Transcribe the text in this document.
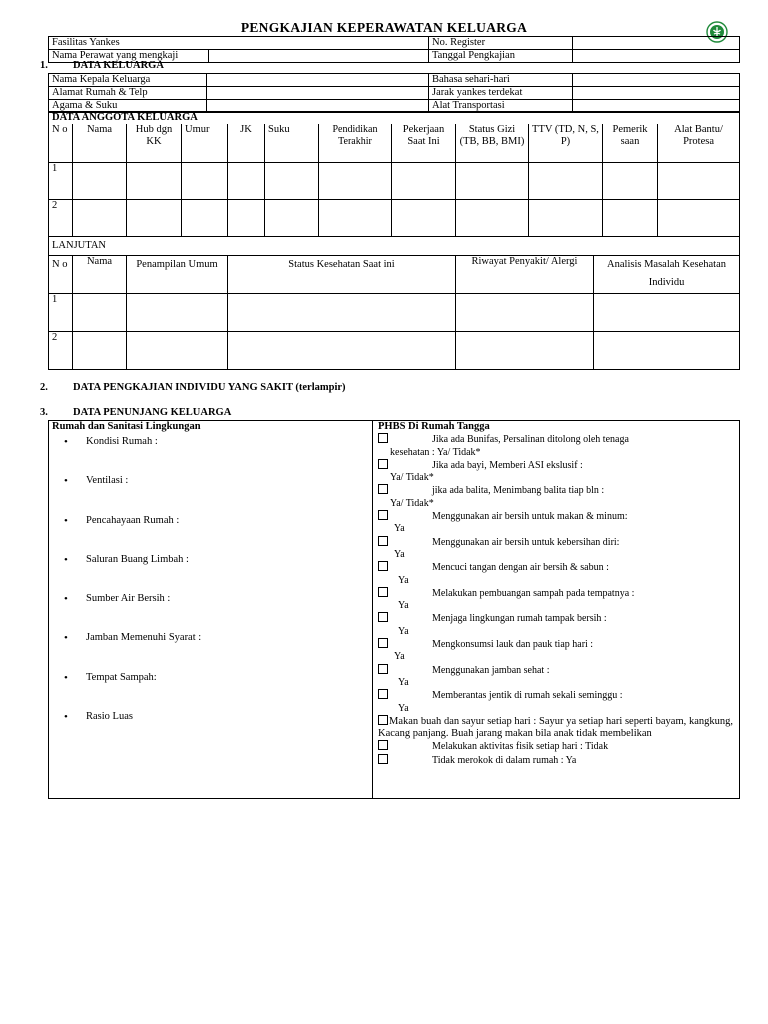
PENGKAJIAN KEPERAWATAN KELUARGA
Fasilitas Yankes	No. Register	

Nama Perawat yang mengkaji	Tanggal Pengkajian	
1. DATA KELUARGA
Nama Kepala Keluarga		Bahasa sehari-hari	
Alamat Rumah & Telp		Jarak yankes terdekat	
Agama & Suku		Alat Transportasi	
DATA ANGGOTA KELUARGA											
N o	Nama	Hub dgn KK	Umur	JK	Suku	Pendidikan Terakhir	Pekerjaan Saat Ini	Status Gizi (TB, BB, BMI)	TTV (TD, N, S, P)	Pemerik saan	Alat Bantu/ Protesa
1											
2											
LANJUTAN					
N o	Nama	Penampilan Umum	Status Kesehatan Saat ini	Riwayat Penyakit/ Alergi	Analisis Masalah Kesehatan Individu
1					
2					
2. DATA PENGKAJIAN INDIVIDU YANG SAKIT (terlampir)
3. DATA PENUNJANG KELUARGA
Rumah dan Sanitasi Lingkungan
• Kondisi Rumah :
• Ventilasi :
• Pencahayaan Rumah :
• Saluran Buang Limbah :
• Sumber Air Bersih :
• Jamban Memenuhi Syarat :
• Tempat Sampah:
• Rasio Luas

PHBS Di Rumah Tangga
Jika ada Bunifas, Persalinan ditolong oleh tenaga
kesehatan : Ya/ Tidak*
Jika ada bayi, Memberi ASI ekslusif :
Ya/ Tidak*
jika ada balita, Menimbang balita tiap bln :
Ya/ Tidak*
Menggunakan air bersih untuk makan & minum:
Ya
Menggunakan air bersih untuk kebersihan diri:
Ya
Mencuci tangan dengan air bersih & sabun :
Ya
Melakukan pembuangan sampah pada tempatnya :
Ya
Menjaga lingkungan rumah tampak bersih :
Ya
Mengkonsumsi lauk dan pauk tiap hari :
Ya
Menggunakan jamban sehat :
Ya
Memberantas jentik di rumah sekali seminggu :
Ya
Makan buah dan sayur setiap hari : Sayur ya setiap hari seperti bayam, kangkung, Kacang panjang. Buah jarang makan bila anak tidak membelikan
Melakukan aktivitas fisik setiap hari : Tidak
Tidak merokok di dalam rumah : Ya
